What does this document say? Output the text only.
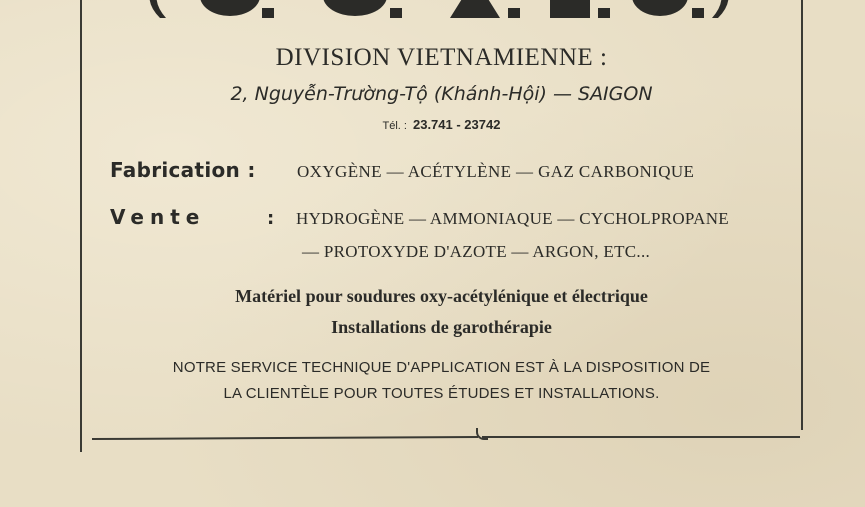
DIVISION VIETNAMIENNE :
2, Nguyễn-Trường-Tộ (Khánh-Hội) — SAIGON
Tél. : 23.741 - 23742
Fabrication : OXYGÈNE — ACÉTYLÈNE — GAZ CARBONIQUE
Vente	: HYDROGÈNE — AMMONIAQUE — CYCHOLPROPANE
— PROTOXYDE D'AZOTE — ARGON, ETC...
Matériel pour soudures oxy-acétylénique et électrique
Installations de garothérapie
NOTRE SERVICE TECHNIQUE D'APPLICATION EST À LA DISPOSITION DE
LA CLIENTÈLE POUR TOUTES ÉTUDES ET INSTALLATIONS.
